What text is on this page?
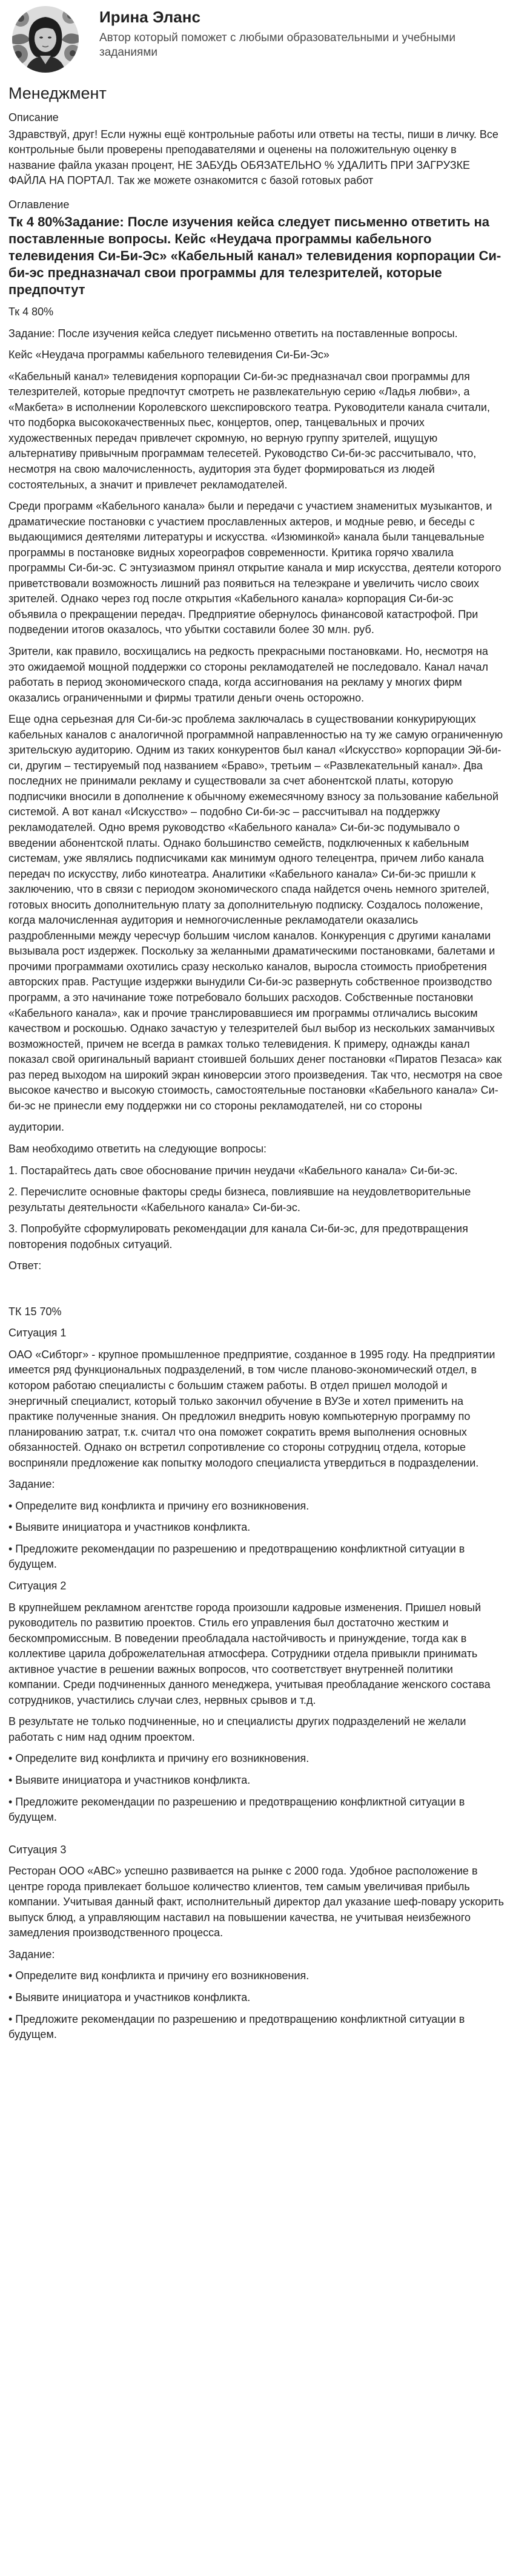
Ирина Эланс
Автор который поможет с любыми образовательными и учебными заданиями
Менеджмент
Описание
Здравствуй, друг! Если нужны ещё контрольные работы или ответы на тесты, пиши в личку. Все контрольные были проверены преподавателями и оценены на положительную оценку в название файла указан процент, НЕ ЗАБУДЬ ОБЯЗАТЕЛЬНО % УДАЛИТЬ ПРИ ЗАГРУЗКЕ ФАЙЛА НА ПОРТАЛ. Так же можете ознакомится с базой готовых работ
Оглавление
Тк 4 80%Задание: После изучения кейса следует письменно ответить на поставленные вопросы. Кейс «Неудача программы кабельного телевидения Си-Би-Эс» «Кабельный канал» телевидения корпорации Си-би-эс предназначал свои программы для телезрителей, которые предпочтут
Тк 4 80%
Задание: После изучения кейса следует письменно ответить на поставленные вопросы.
Кейс «Неудача программы кабельного телевидения Си-Би-Эс»
«Кабельный канал» телевидения корпорации Си-би-эс предназначал свои программы для телезрителей, которые предпочтут смотреть не развлекательную серию «Ладья любви», а «Макбета» в исполнении Королевского шекспировского театра. Руководители канала считали, что подборка высококачественных пьес, концертов, опер, танцевальных и прочих художественных передач привлечет скромную, но верную группу зрителей, ищущую альтернативу привычным программам телесетей. Руководство Си-би-эс рассчитывало, что, несмотря на свою малочисленность, аудитория эта будет формироваться из людей состоятельных, а значит и привлечет рекламодателей.
Среди программ «Кабельного канала» были и передачи с участием знаменитых музыкантов, и драматические постановки с участием прославленных актеров, и модные ревю, и беседы с выдающимися деятелями литературы и искусства. «Изюминкой» канала были танцевальные программы в постановке видных хореографов современности. Критика горячо хвалила программы Си-би-эс. С энтузиазмом принял открытие канала и мир искусства, деятели которого приветствовали возможность лишний раз появиться на телеэкране и увеличить число своих зрителей. Однако через год после открытия «Кабельного канала» корпорация Си-би-эс объявила о прекращении передач. Предприятие обернулось финансовой катастрофой. При подведении итогов оказалось, что убытки составили более 30 млн. руб.
Зрители, как правило, восхищались на редкость прекрасными постановками. Но, несмотря на это ожидаемой мощной поддержки со стороны рекламодателей не последовало. Канал начал работать в период экономического спада, когда ассигнования на рекламу у многих фирм оказались ограниченными и фирмы тратили деньги очень осторожно.
Еще одна серьезная для Си-би-эс проблема заключалась в существовании конкурирующих кабельных каналов с аналогичной программной направленностью на ту же самую ограниченную зрительскую аудиторию. Одним из таких конкурентов был канал «Искусство» корпорации Эй-би-си, другим – тестируемый под названием «Браво», третьим – «Развлекательный канал». Два последних не принимали рекламу и существовали за счет абонентской платы, которую подписчики вносили в дополнение к обычному ежемесячному взносу за пользование кабельной системой. А вот канал «Искусство» – подобно Си-би-эс – рассчитывал на поддержку рекламодателей. Одно время руководство «Кабельного канала» Си-би-эс подумывало о введении абонентской платы. Однако большинство семейств, подключенных к кабельным системам, уже являлись подписчиками как минимум одного телецентра, причем либо канала передач по искусству, либо кинотеатра. Аналитики «Кабельного канала» Си-би-эс пришли к заключению, что в связи с периодом экономического спада найдется очень немного зрителей, готовых вносить дополнительную плату за дополнительную подписку. Создалось положение, когда малочисленная аудитория и немногочисленные рекламодатели оказались раздробленными между чересчур большим числом каналов. Конкуренция с другими каналами вызывала рост издержек. Поскольку за желанными драматическими постановками, балетами и прочими программами охотились сразу несколько каналов, выросла стоимость приобретения авторских прав. Растущие издержки вынудили Си-би-эс развернуть собственное производство программ, а это начинание тоже потребовало больших расходов. Собственные постановки «Кабельного канала», как и прочие транслировавшиеся им программы отличались высоким качеством и роскошью. Однако зачастую у телезрителей был выбор из нескольких заманчивых возможностей, причем не всегда в рамках только телевидения. К примеру, однажды канал показал свой оригинальный вариант стоившей больших денег постановки «Пиратов Пезаса» как раз перед выходом на широкий экран киноверсии этого произведения. Так что, несмотря на свое высокое качество и высокую стоимость, самостоятельные постановки «Кабельного канала» Си-би-эс не принесли ему поддержки ни со стороны рекламодателей, ни со стороны
аудитории.
Вам необходимо ответить на следующие вопросы:
1. Постарайтесь дать свое обоснование причин неудачи «Кабельного канала» Си-би-эс.
2. Перечислите основные факторы среды бизнеса, повлиявшие на неудовлетворительные результаты деятельности «Кабельного канала» Си-би-эс.
3. Попробуйте сформулировать рекомендации для канала Си-би-эс, для предотвращения повторения подобных ситуаций.
Ответ:
ТК 15 70%
Ситуация 1
ОАО «Сибторг» - крупное промышленное предприятие, созданное в 1995 году. На предприятии имеется ряд функциональных подразделений, в том числе планово-экономический отдел, в котором работаю специалисты с большим стажем работы. В отдел пришел молодой и энергичный специалист, который только закончил обучение в ВУЗе и хотел применить на практике полученные знания. Он предложил внедрить новую компьютерную программу по планированию затрат, т.к. считал что она поможет сократить время выполнения основных обязанностей. Однако он встретил сопротивление со стороны сотрудниц отдела, которые восприняли предложение как попытку молодого специалиста утвердиться в подразделении.
Задание:
• Определите вид конфликта и причину его возникновения.
• Выявите инициатора и участников конфликта.
• Предложите рекомендации по разрешению и предотвращению конфликтной ситуации в будущем.
Ситуация 2
В крупнейшем рекламном агентстве города произошли кадровые изменения. Пришел новый руководитель по развитию проектов. Стиль его управления был достаточно жестким и бескомпромиссным. В поведении преобладала настойчивость и принуждение, тогда как в коллективе царила доброжелательная атмосфера. Сотрудники отдела привыкли принимать активное участие в решении важных вопросов, что соответствует внутренней политики компании. Среди подчиненных данного менеджера, учитывая преобладание женского состава сотрудников, участились случаи слез, нервных срывов и т.д.
В результате не только подчиненные, но и специалисты других подразделений не желали работать с ним над одним проектом.
• Определите вид конфликта и причину его возникновения.
• Выявите инициатора и участников конфликта.
• Предложите рекомендации по разрешению и предотвращению конфликтной ситуации в будущем.
Ситуация 3
Ресторан ООО «АВС» успешно развивается на рынке с 2000 года. Удобное расположение в центре города привлекает большое количество клиентов, тем самым увеличивая прибыль компании. Учитывая данный факт, исполнительный директор дал указание шеф-повару ускорить выпуск блюд, а управляющим наставил на повышении качества, не учитывая неизбежного замедления производственного процесса.
Задание:
• Определите вид конфликта и причину его возникновения.
• Выявите инициатора и участников конфликта.
• Предложите рекомендации по разрешению и предотвращению конфликтной ситуации в будущем.
